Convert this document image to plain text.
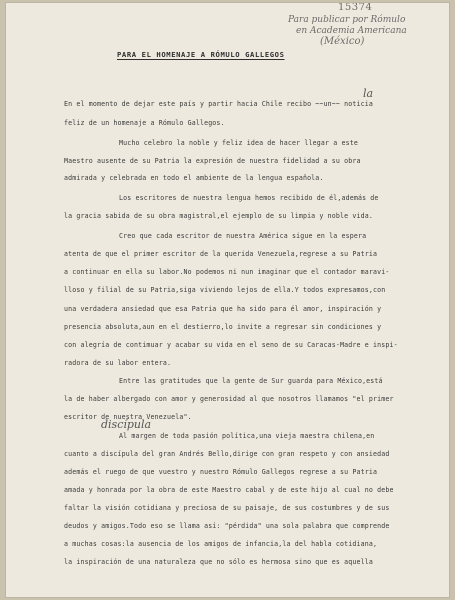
15374
Para publicar por Rómulo
en Academia Americana
(México)
la
discípula
PARA EL HOMENAJE A RÓMULO GALLEGOS
En el momento de dejar este país y partir hacia Chile recibo ~~un~~ noticia
feliz de un homenaje a Rómulo Gallegos.
Mucho celebro la noble y feliz idea de hacer llegar a este
Maestro ausente de su Patria la expresión de nuestra fidelidad a su obra
admirada y celebrada en todo el ambiente de la lengua española.
Los escritores de nuestra lengua hemos recibido de él,además de
la gracia sabida de su obra magistral,el ejemplo de su limpia y noble vida.
Creo que cada escritor de nuestra América sigue en la espera
atenta de que el primer escritor de la querida Venezuela,regrese a su Patria
a continuar en ella su labor.No podemos ni nun imaginar que el contador maravi-
lloso y filial de su Patria,siga viviendo lejos de ella.Y todos expresamos,con
una verdadera ansiedad que esa Patria que ha sido para él amor, inspiración y
presencia absoluta,aun en el destierro,lo invite a regresar sin condiciones y
con alegría de contimuar y acabar su vida en el seno de su Caracas-Madre e inspi-
radora de su labor entera.
Entre las gratitudes que la gente de Sur guarda para México,está
la de haber albergado con amor y generosidad al que nosotros llamamos "el primer
escritor de nuestra Venezuela".
Al margen de toda pasión política,una vieja maestra chilena,en
cuanto a discípula del gran Andrés Bello,dirige con gran respeto y con ansiedad
además el ruego de que vuestro y nuestro Rómulo Gallegos regrese a su Patria
amada y honrada por la obra de este Maestro cabal y de este hijo al cual no debe
faltar la visión cotidiana y preciosa de su paisaje, de sus costumbres y de sus
deudos y amigos.Todo eso se llama así: "pérdida" una sola palabra que comprende
a muchas cosas:la ausencia de los amigos de infancia,la del habla cotidiana,
la inspiración de una naturaleza que no sólo es hermosa sino que es aquella
